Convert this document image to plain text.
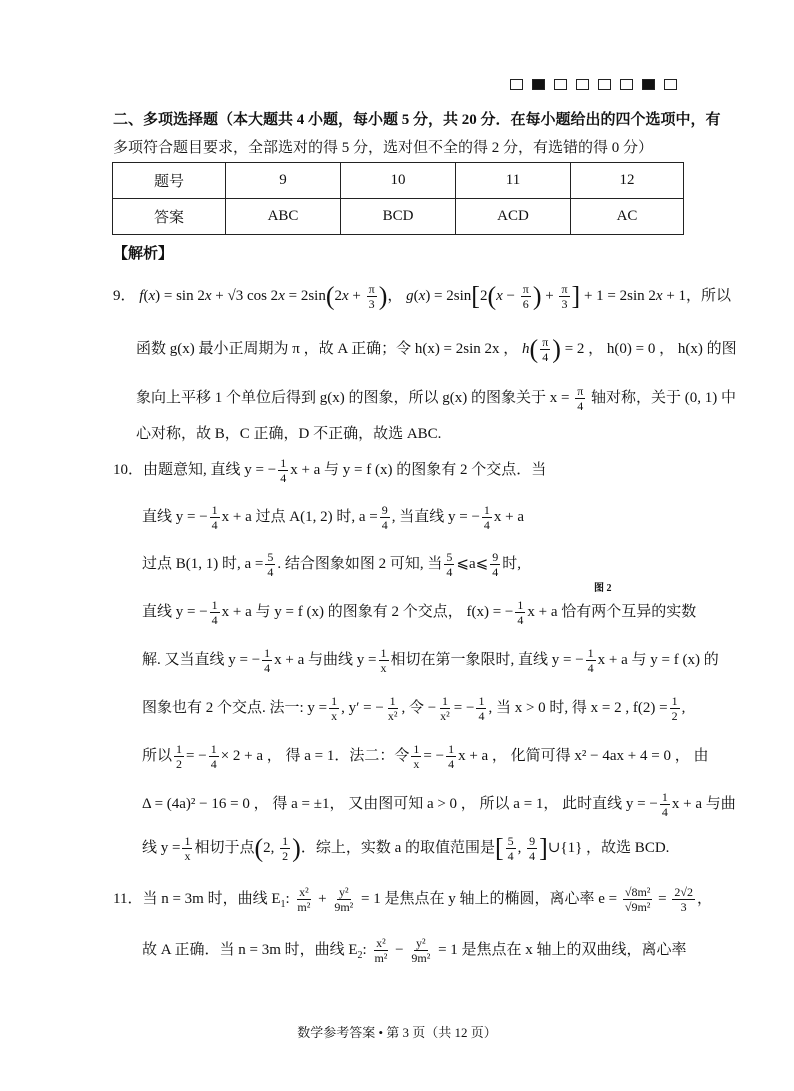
二、多项选择题（本大题共 4 小题，每小题 5 分，共 20 分．在每小题给出的四个选项中，有
多项符合题目要求，全部选对的得 5 分，选对但不全的得 2 分，有选错的得 0 分）
题号	9	10	11	12
答案	ABC	BCD	ACD	AC
【解析】
9． f(x) = sin 2x + √3 $\cos 2x = 2\sin(2x + \frac{\pi}{3}$ )， $g(x) = 2\sin[2(x - \frac{\pi}{6}$ ) + $\frac{\pi}{3}$ ] + 1 = 2sin 2x + 1，所以
函数 g(x) 最小正周期为 π ，故 A 正确；令 h(x) = 2sin 2x ， $h( \frac{\pi}{4}$ ) = 2 ， h(0) = 0 ， h(x) 的图
象向上平移 1 个单位后得到 g(x) 的图象，所以 g(x) 的图象关于 $x = \frac{\pi}{4}$ 轴对称，关于 (0, 1) 中
心对称，故 B，C 正确，D 不正确，故选 ABC.
10．由题意知, 直线 y = − $\frac{1}{4}$ x + a 与 y = f (x) 的图象有 2 个交点．当
直线 y = − $\frac{1}{4}$ x + a 过点 A(1, 2) 时, $a = \frac{9}{4}$ , 当直线 y = − $\frac{1}{4}$ x + a
过点 B(1, 1) 时, $a = \frac{5}{4}$ . 结合图象如图 2 可知, 当 $\frac{5}{4}$ ⩽a⩽ $\frac{9}{4}$ 时,
图 2
直线 y = − $\frac{1}{4}$ x + a 与 y = f (x) 的图象有 2 个交点， f(x) = − $\frac{1}{4}$ x + a 恰有两个互异的实数
解. 又当直线 y = − $\frac{1}{4}$ x + a 与曲线 $y = \frac{1}{x}$ 相切在第一象限时, 直线 y = − $\frac{1}{4}$ x + a 与 y = f (x) 的
图象也有 2 个交点. 法一: $y = \frac{1}{x}$ , y′ = − $\frac{1}{\text{x²}}$ , 令 − $\frac{1}{\text{x²}}$ = − $\frac{1}{4}$ , 当 x > 0 时, 得 x = 2 , $f(2) = \frac{1}{2}$ ,
所以 $\frac{1}{2}$ = − $\frac{1}{4} \times 2 + a$ ， 得 a = 1．法二：令 $\frac{1}{x}$ = − $\frac{1}{4}$ x + a ， 化简可得 x² − 4ax + 4 = 0 ， 由
Δ = (4a)² − 16 = 0 ， 得 a = ±1， 又由图可知 a > 0 ， 所以 a = 1， 此时直线 y = − $\frac{1}{4}$ x + a 与曲
线 $y = \frac{1}{x}$ 相切于点(2, $\frac{1}{2}$ )．综上，实数 a 的取值范围是[ $\frac{5}{4}$ , $\frac{9}{4}$ ]∪{1} ，故选 BCD.
11．当 n = 3m 时，曲线 $E_1$: $\frac{\text{x²}}{\text{m²}} + \frac{\text{y²}}{\text{9m²}} = 1$ 是焦点在 y 轴上的椭圆，离心率 $e = \frac{\text{√8m²}}{\text{√9m²}} = \frac{2√2}{3}$ ，
故 A 正确．当 n = 3m 时，曲线 $E_2$: $\frac{\text{x²}}{\text{m²}} - \frac{\text{y²}}{\text{9m²}} = 1$ 是焦点在 x 轴上的双曲线，离心率
数学参考答案 • 第 3 页（共 12 页）
